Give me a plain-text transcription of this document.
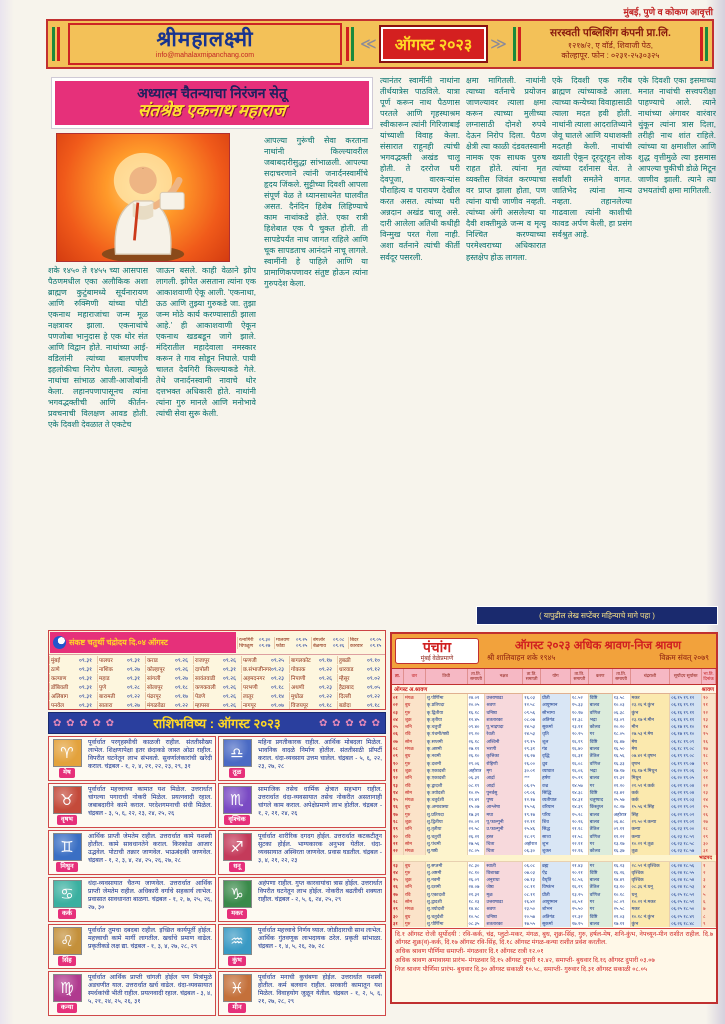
मुंबई, पुणे व कोकण आवृत्ती
श्रीमहालक्ष्मी
info@mahalaxmipanchang.com
≪	ऑगस्ट २०२३	≫
सरस्वती पब्लिशिंग कंपनी प्रा.लि.
१२१७/२, ए वॉर्ड, शिवाजी पेठ,
कोल्हापूर. फोन : ०२३१-२५३०३२५
अध्यात्म चैतन्याचा निरंजन सेतू
संतश्रेष्ठ एकनाथ महाराज
शके १४५० ते १४५५ च्या आसपास पैठणमधील एका अलौकिक अशा ब्राह्मण कुटुंबामध्ये सूर्यनारायण आणि रुक्मिणी यांच्या पोटी एकनाथ महाराजांचा जन्म मूळ नक्षत्रावर झाला. एकनाथांचे पणजोबा भानुदास हे एक थोर संत आणि विद्वान होते. नाथांच्या आई-वडिलांनी त्यांच्या बालपणीच इहलोकीचा निरोप घेतला. त्यामुळे नाथांचा सांभाळ आजी-आजोबांनी केला. लहानपणापासूनच त्यांना भगवद्भक्तीची आणि कीर्तन-प्रवचनाची विलक्षण आवड होती. एके दिवशी देवळात ते एकटेच
जाऊन बसले. काही वेळाने झोप लागली. झोपेत असताना त्यांना एक आकाशवाणी ऐकू आली. 'एकनाथा, ऊठ आणि तुझ्या गुरुकडे जा. तुझा जन्म मोठे कार्य करण्यासाठी झाला आहे.' ही आकाशवाणी ऐकून एकनाथ खडबडून जागे झाले. मंदिरातील महादेवाला नमस्कार करून ते गाव सोडून निघाले. पायी चालत देवगिरी किल्ल्याकडे गेले. तेथे जनार्दनस्वामी नावाचे थोर दत्तभक्त अधिकारी होते. नाथांनी त्यांना गुरु मानले आणि मनोभावे त्यांची सेवा सुरू केली.
आपल्या गुरूंची सेवा करताना नाथांनी किल्ल्यावरील जबाबदारीसुद्धा सांभाळली. आपल्या सदाचरणाने त्यांनी जनार्दनस्वामींचे हृदय जिंकले. सुट्टीच्या दिवशी आपला संपूर्ण वेळ ते ध्यानसाधनेत घालवीत असत. दैनंदिन हिशेब लिहिण्याचे काम नाथांकडे होते. एका रात्री हिशेबात एक पै चुकत होती. ती सापडेपर्यंत नाथ जागत राहिले आणि चूक सापडताच आनंदाने नाचू लागले. स्वामींनी हे पाहिले आणि या प्रामाणिकपणावर संतुष्ट होऊन त्यांना गुरुपदेश केला.
त्यानंतर स्वामींनी नाथांना तीर्थयात्रेस पाठविले. यात्रा पूर्ण करून नाथ पैठणास परतले आणि गृहस्थाश्रम स्वीकारून त्यांनी गिरिजाबाई यांच्याशी विवाह केला. संसारात राहूनही त्यांची भगवद्भक्ती अखंड चालू होती. ते दररोज घरी देवपूजा, वारकऱ्यांस पौराहित्य व पारायण देखील करत असत. त्यांच्या घरी अन्नदान अखंड चालू असे. दारी आलेला अतिथी कधीही विन्मुख परत गेला नाही. अशा वर्तनाने त्यांची कीर्ती सर्वदूर पसरली.
क्षमा मागितली. नाथांनी त्याच्या वर्तनाचे प्रयोजन जाणल्यावर त्याला क्षमा करून त्याच्या मुलीच्या लग्नासाठी दोनशे रुपये देऊन निरोप दिला. पैठण क्षेत्री त्या काळी दंडवतस्वामी नामक एक साधक पुरुष राहत होते. त्यांना मृत व्यक्तीस जिवंत करण्याचा वर प्राप्त झाला होता, पण त्यांना याची जाणीव नव्हती. त्यांच्या अंगी असलेल्या या दैवी शक्तीमुळे जन्म व मृत्यू निश्चित करण्याच्या परमेश्वराच्या अधिकारात हस्तक्षेप होऊ लागला.
एके दिवशी एक गरीब ब्राह्मण त्यांच्याकडे आला. त्याच्या कन्येच्या विवाहासाठी त्याला मदत हवी होती. नाथांनी त्याला आदरातिथ्याने जेवू घातले आणि यथाशक्ती मदतही केली. नाथांची ख्याती ऐकून दूरदूरहून लोक त्यांच्या दर्शनास येत. ते सर्वांशी समतेने वागत. जातिभेद त्यांना मान्य नव्हता. तहानलेल्या गाढवाला त्यांनी काशीची कावड अर्पण केली, हा प्रसंग सर्वश्रुत आहे.
एके दिवशी एका इसमाच्या मनात नाथांची सत्त्वपरीक्षा पाहण्याचे आले. त्याने नाथांच्या अंगावर वारंवार थुंकून त्यांना त्रास दिला, तरीही नाथ शांत राहिले. त्यांच्या या क्षमाशील आणि शुद्ध वृत्तीमुळे त्या इसमास आपल्या चुकीची डोळे मिटून जाणीव झाली. त्याने त्या उभयतांची क्षमा मागितली.
( यापुढील लेख सप्टेंबर महिन्याचे मागे पहा )
संकष्ट चतुर्थी चंद्रोदय दि.०४ ऑगस्ट	रत्नागिरी	०९.३०	मालवण	०९.२५	बंगलोर	०९.०८	बिदर	०९.०५
चिपळूण	०९.२७	फोंडा	०९.२५	बेळगाव	०९.२६	कारवार	०९.१५
मुंबई	०९.३१	पालघर	०९.३१	कराड	०९.२६	राजापूर	०९.२६	फणजी	०९.२५	बागलकोट	०९.१७	हुबळी	०९.१०
ठाणे	०९.३१	नाशिक	०९.२७	कोल्हापूर	०९.२६	दापोली	०९.३१	छ.संभाजीनगर ०९.२३	गोकाक	०९.२२	धारवाड	०९.१२
कल्याण	०९.३१	महाड	०९.३१	सांगली	०९.२७	सावंतवाडी	०९.२६	अहमदनगर	०९.२३	निपाणी	०९.२६	म्हैसूर	०९.०२
डोंबिवली	०९.३१	पुणे	०९.२८	सोलापूर	०९.१८	कणकवली	०९.२६	परभणी	०९.१८	अथणी	०९.२३	हैद्राबाद	०९.०५
अलिबाग	०९.३१	बारामती	०९.२२	पंढरपूर	०९.१७	पेडणे	०९.२६	लातूर	०९.१४	मुधोळ	०९.२२	दिल्ली	०९.२२
पनवेल	०९.३१	सातारा	०९.२७	मंगळवेढा	०९.२२	म्हापसा	०९.२६	नागपूर	०९.०७	विजयपूर	०९.१८	बडोदा	०९.१८
✿ ✿ ✿ ✿ ✿	राशिभविष्य : ऑगस्ट २०२३	✿ ✿ ✿ ✿ ✿
♈
मेष
पूर्वार्धात परगृहस्थीची काळजी राहील. संततीसौख्य लाभेल. शिक्षणापेक्षा इतर छंदाकडे जास्त ओढा राहील. विपरीत घटनेतून लाभ संभवतो. सुवर्णालंकारांची खरेदी कराल. चंद्रबल - १, २, ४, २१, २२, २३, २९, ३१
♉
वृषभ
पूर्वार्धात महत्त्वाच्या कामात यश मिळेल. उत्तरार्धात चांगल्या पगाराची नोकरी मिळेल. प्रयत्नवादी रहाल. जबाबदारीने कामे कराल. परदेशगमनाची संधी मिळेल. चंद्रबल - ३, ५, ६, २२, २३, २४, २५, २६
♊
मिथुन
आर्थिक प्राप्ती जेमतेम राहील. उत्तरार्धात कामे यशस्वी होतील. कामे सावधानतेने कराल. किरकोळ आजार उद्भवेल. पोटाची तक्रार जाणवेल. भाऊबंदकी जाणवेल. चंद्रबल - १, २, ३, ४, २४, २५, २६, २७, २८
♋
कर्क
धंदा-व्यवसायात चैतन्य जाणवेल. उत्तरार्धात आर्थिक प्राप्ती जेमतेम राहील. अधिकारी वर्गाचे सहकार्य लाभेल. प्रवासात सावधानता बाळगा. चंद्रबल - १, २, ७, २५, २६, २७, ३०
♌
सिंह
पूर्वार्धात तुमचा दबदबा राहील. इच्छित कार्यपूर्ती होईल. महत्त्वाची कामे मार्गी लागतील. खर्चाचे प्रमाण वाढेल. प्रकृतीकडे लक्ष द्या. चंद्रबल - १, ३, ४, २७, २८, २९
♍
कन्या
पूर्वार्धात आर्थिक प्राप्ती चांगली होईल पण मित्रांमुळे अडचणीत याल. उत्तरार्धात खर्च वाढेल. धंदा-व्यवसायात स्पर्धकांची भीती राहील. प्रयत्नवादी रहाल. चंद्रबल - ३, ४, ५, २१, २४, २५, २६, ३१
♎
तूळ
महिना प्रगतीकारक राहील. आर्थिक मोबदला मिळेल. भावनिक वादळे निर्माण होतील. संततीसाठी प्रॉपर्टी कराल. धंदा-व्यवसाय उत्तम चालेल. चंद्रबल - ५, ६, २२, २३, २७, २८
♏
वृश्चिक
सामाजिक तसेच धार्मिक क्षेत्रात सहभाग राहील. उत्तरार्धात धंदा-व्यवसायात तसेच नोकरीत असतानाही चांगले काम कराल. अपेक्षेप्रमाणे लाभ होतील. चंद्रबल - १, २, २१, २४, २६
♐
धनू
पूर्वार्धात शारीरिक दगदग होईल. उत्तरार्धात कटकटीतून सुटका होईल. भाग्यकारक अनुभव येतील. धंदा-व्यवसायात अस्थिरता जाणवेल. प्रवास घडतील. चंद्रबल - ३, ४, २१, २२, २३
♑
मकर
अहंपणा राहील. गुप्त कारवायांचा त्रास होईल. उत्तरार्धात विपरीत घटनेतून लाभ होईल. नोकरीत बढतीची शक्यता राहील. चंद्रबल - २, ५, ६, २४, २५, २९
♒
कुंभ
पूर्वार्धात महत्त्वाचे निर्णय घ्याल. जोडीदाराची साथ लाभेल. आर्थिक गुंतवणूक लाभदायक ठरेल. प्रकृती सांभाळा. चंद्रबल - १, ४, ५, २६, २७, २८
♓
मीन
पूर्वार्धात मनाची कुचंबणा होईल. उत्तरार्धात यशस्वी होतील. कर्म बलवान राहील. सरकारी कामातून यश मिळेल. विवाहयोग जुळून येतील. चंद्रबल - १, २, ५, ६, २१, २७, २८, २९
पंचांग
मुंबई वेळेप्रमाणे
ऑगस्ट २०२३ अधिक श्रावण-निज श्रावण
श्री शालिवाहन शके १९४५	विक्रम संवत् २०७९
ता.	वार	तिथी	ता.ति. समाप्ती	नक्षत्र	ता.ति. समाप्ती	योग	ता.ति. समाप्ती	करण	ता.ति. समाप्ती	चंद्रराशी	सूर्योदय सूर्यास्त	भा.ति. दिनांक
ऑगस्ट
अ.श्रावण	श्रावण
०१	मंगळ	शु.पौर्णिमा	२४.०१	उत्तराषाढा	१६.०३	प्रीती	१८.५२	विष्टि	१३.५८	मकर	०६.१५ १९.१२	१०
०२	बुध	कृ.प्रतिपदा	२०.०५	श्रवण	१२.५८	आयुष्मान	१५.३३	बालव	१०.०३	२३.२६ नं.कुंभ	०६.१६ १९.१२	११
०३	गुरु	कृ.द्वितीया	१६.१८	धनिष्ठा	०९.५६	सौभाग्य	१०.१७	वणिज	०६.३८	कुंभ	०६.१६ १९.११	१२
०४	शुक्र	कृ.तृतीया	१२.४५	शततारका	०८.०७	अतिगंड	२१.३८	भद्रा	२३.०९	२३.१७ नं.मीन	०६.१६ १९.११	१३
०५	शनि	कृ.चतुर्थी	०९.४०	पू.भाद्रपदा	२४.५३	सुकर्मा	२३.११	कौलव	२०.२०	मीन	०६.१७ १९.१०	१४
०६	रवि	कृ.पंचमी/षष्ठी	२९.२०	रेवती	२४.५३	धृति	२०.२५	गर	१८.०५	२७.५३ नं.मेष	०६.१७ १९.१०	१५
०७	सोम	कृ.सप्तमी	२६.१८	अश्विनी	२९.१५	शूल	१६.१९	विष्टि	१६.४७	मेष	०६.१८ १९.०९	१६
०८	मंगळ	कृ.अष्टमी	२७.११	भरणी	२९.३१	गंड	१६.४०	बालव	१६.५०	मेष	०६.१८ १९.०८	१७
०९	बुध	कृ.नवमी	२६.१०	कृत्तिका	२६.२७	वृद्धि	१६.३१	तैतिल	१६.५६	०७.४२ नं.वृषभ	०६.१९ १९.०८	१८
१०	गुरु	कृ.दशमी	२९.०६	रोहिणी	२६.००	ध्रुव	१६.०८	वणिज	१६.३३	वृषभ	०६.१९ १९.०७	१९
११	शुक्र	कृ.एकादशी	अहोरात्र	मृग	३०.०१	व्याघात	१६.०६	भद्रा	१७.१७	१६.१७ नं.मिथुन	०६.२० १९.०६	२०
१२	शनि	कृ.एकादशी	०६.३१	आर्द्रा	***	हर्षण	१५.२९	बालव	१९.३२	मिथुन	०६.२० १९.०५	२१
१३	रवि	कृ.द्वादशी	०८.१९	आर्द्रा	०६.२५	वज्र	१४.५७	गर	२१.२०	२१.५१ नं.कर्क	०६.२१ १९.०४	२२
१४	सोम	कृ.त्रयोदशी	१०.२५	पुनर्वसु	०९.०६	सिद्धि	१४.३८	विष्टि	२३.४२	कर्क	०६.२१ १९.०४	२३
१५	मंगळ	कृ.चतुर्दशी	१२.४२	पुष्य	१२.१७	व्यतीपात	१४.३१	चतुष्पाद	२५.५७	कर्क	०६.२१ १९.०३	२४
१६	बुध	कृ.अमावास्या	१५.०७	आश्लेषा	१५.५६	वरियान	१४.३९	किंस्तुघ्न	२८.२७	१५.५६ नं.सिंह	०६.२२ १९.०२	२५
१७	गुरु	शु.प्रतिपदा	१७.३१	मघा	१९.१७	परिघ	१५.२८	बालव	अहोरात्र	सिंह	०६.२२ १९.०२	२६
१८	शुक्र	शु.द्वितीया	२०.०१	पू.फाल्गुनी	२२.११	शिव	२०.२६	बालव	०६.४८	२९.५० नं.कन्या	०६.२२ १९.०१	२७
१९	शनि	शु.तृतीया	२२.५८	उ.फाल्गुनी	२५.४६	सिद्ध	२१.१८	तैतिल	०९.११	कन्या	०६.२३ १९.००	२८
२०	रवि	शु.चतुर्थी	२६.२१	हस्त	२८.२९	साध्य	२१.५८	वणिज	११.२२	कन्या	०६.२३ १८.५९	२९
२१	सोम	शु.पंचमी	२७.५६	चित्रा	अहोरात्र	शुभ	२२.११	गर	१३.१७	१०.२१ नं.तूळ	०६.२३ १८.५८	३०
२२	मंगळ	शु.षष्ठी	२८.०५	चित्रा	०६.३०	शुक्ल	२२.१६	कौलव	१६.३७	तूळ	०६.२३ १८.५७	३१
भाद्रपद
२३	बुध	शु.सप्तमी	२८.३०	स्वाती	०६.०८	ब्रह्म	२१.४३	गर	१६.२३	२८.५२ नं.वृश्चिक	०६.२४ १८.५६	१
२४	गुरु	शु.अष्टमी	२८.१०	विशाखा	०७.०३	ऐंद्र	२०.२१	विष्टि	१६.२६	वृश्चिक	०६.२४ १८.५५	२
२५	शुक्र	शु.नवमी	२६.०९	अनुराधा	०७.१३	वैधृति	१८.५६	बालव	१४.४९	वृश्चिक	०६.२४ १८.५४	३
२६	शनि	शु.दशमी	२४.०७	जेष्ठा	०८.११	विष्कंभ	१६.२९	तैतिल	१३.१०	०८.३६ नं.धनू	०६.२४ १८.५३	४
२७	रवि	शु.एकादशी	२१.३२	मूळ	०८.११	प्रीती	१३.२५	वणिज	१०.१८	धनू	०६.२५ १८.५२	५
२८	सोम	शु.द्वादशी	१८.२३	उत्तराषाढा	२६.४२	आयुष्मान	०६.५१	गर	०८.०९	१०.२१ नं.मकर	०६.२५ १८.५१	६
२९	मंगळ	शु.त्रयोदशी	१४.४८	श्रवण	२३.५०	शोभन	२५.५०	गर	२५.५८	मकर	०६.२५ १८.५०	७
३०	बुध	शु.चतुर्दशी	१०.५८	धनिष्ठा	२०.५७	अतिगंड	२९.३२	विष्टि	२१.०३	१०.१८ नं.कुंभ	०६.२५ १८.४९	८
३१	गुरु	शु.पौर्णिमा	०८.३५	शततारका	१७.५५	सुकर्मा	१७.१५	बालव	१७.११	कुंभ	०६.२६ १८.४८	९
दि.१ ऑगस्ट रोजी सूर्योदयी : रवि-कर्क, चंद्र, प्लुटो-मकर, मंगळ, बुध, शुक्र-सिंह, गुरु, हर्षल-मेष, शनि-कुंभ, नेपच्यून-मीन राशीत राहील. दि.७ ऑगस्ट शुक्र(व)-कर्क, दि.१७ ऑगस्ट रवि-सिंह, दि.१८ ऑगस्ट मंगळ-कन्या राशीत प्रवेश करतील.
अधिक श्रावण पौर्णिमा समाप्ती- मंगळवार दि.१ ऑगस्ट रात्री १२.०१
अधिक श्रावण अमावास्या प्रारंभ- मंगळवार दि.१५ ऑगस्ट दुपारी १२.४२, समाप्ती- बुधवार दि.१६ ऑगस्ट दुपारी ०३.०७
निज श्रावण पौर्णिमा प्रारंभ- बुधवार दि.३० ऑगस्ट सकाळी १०.५८, समाप्ती- गुरुवार दि.३१ ऑगस्ट सकाळी ०८.०५
